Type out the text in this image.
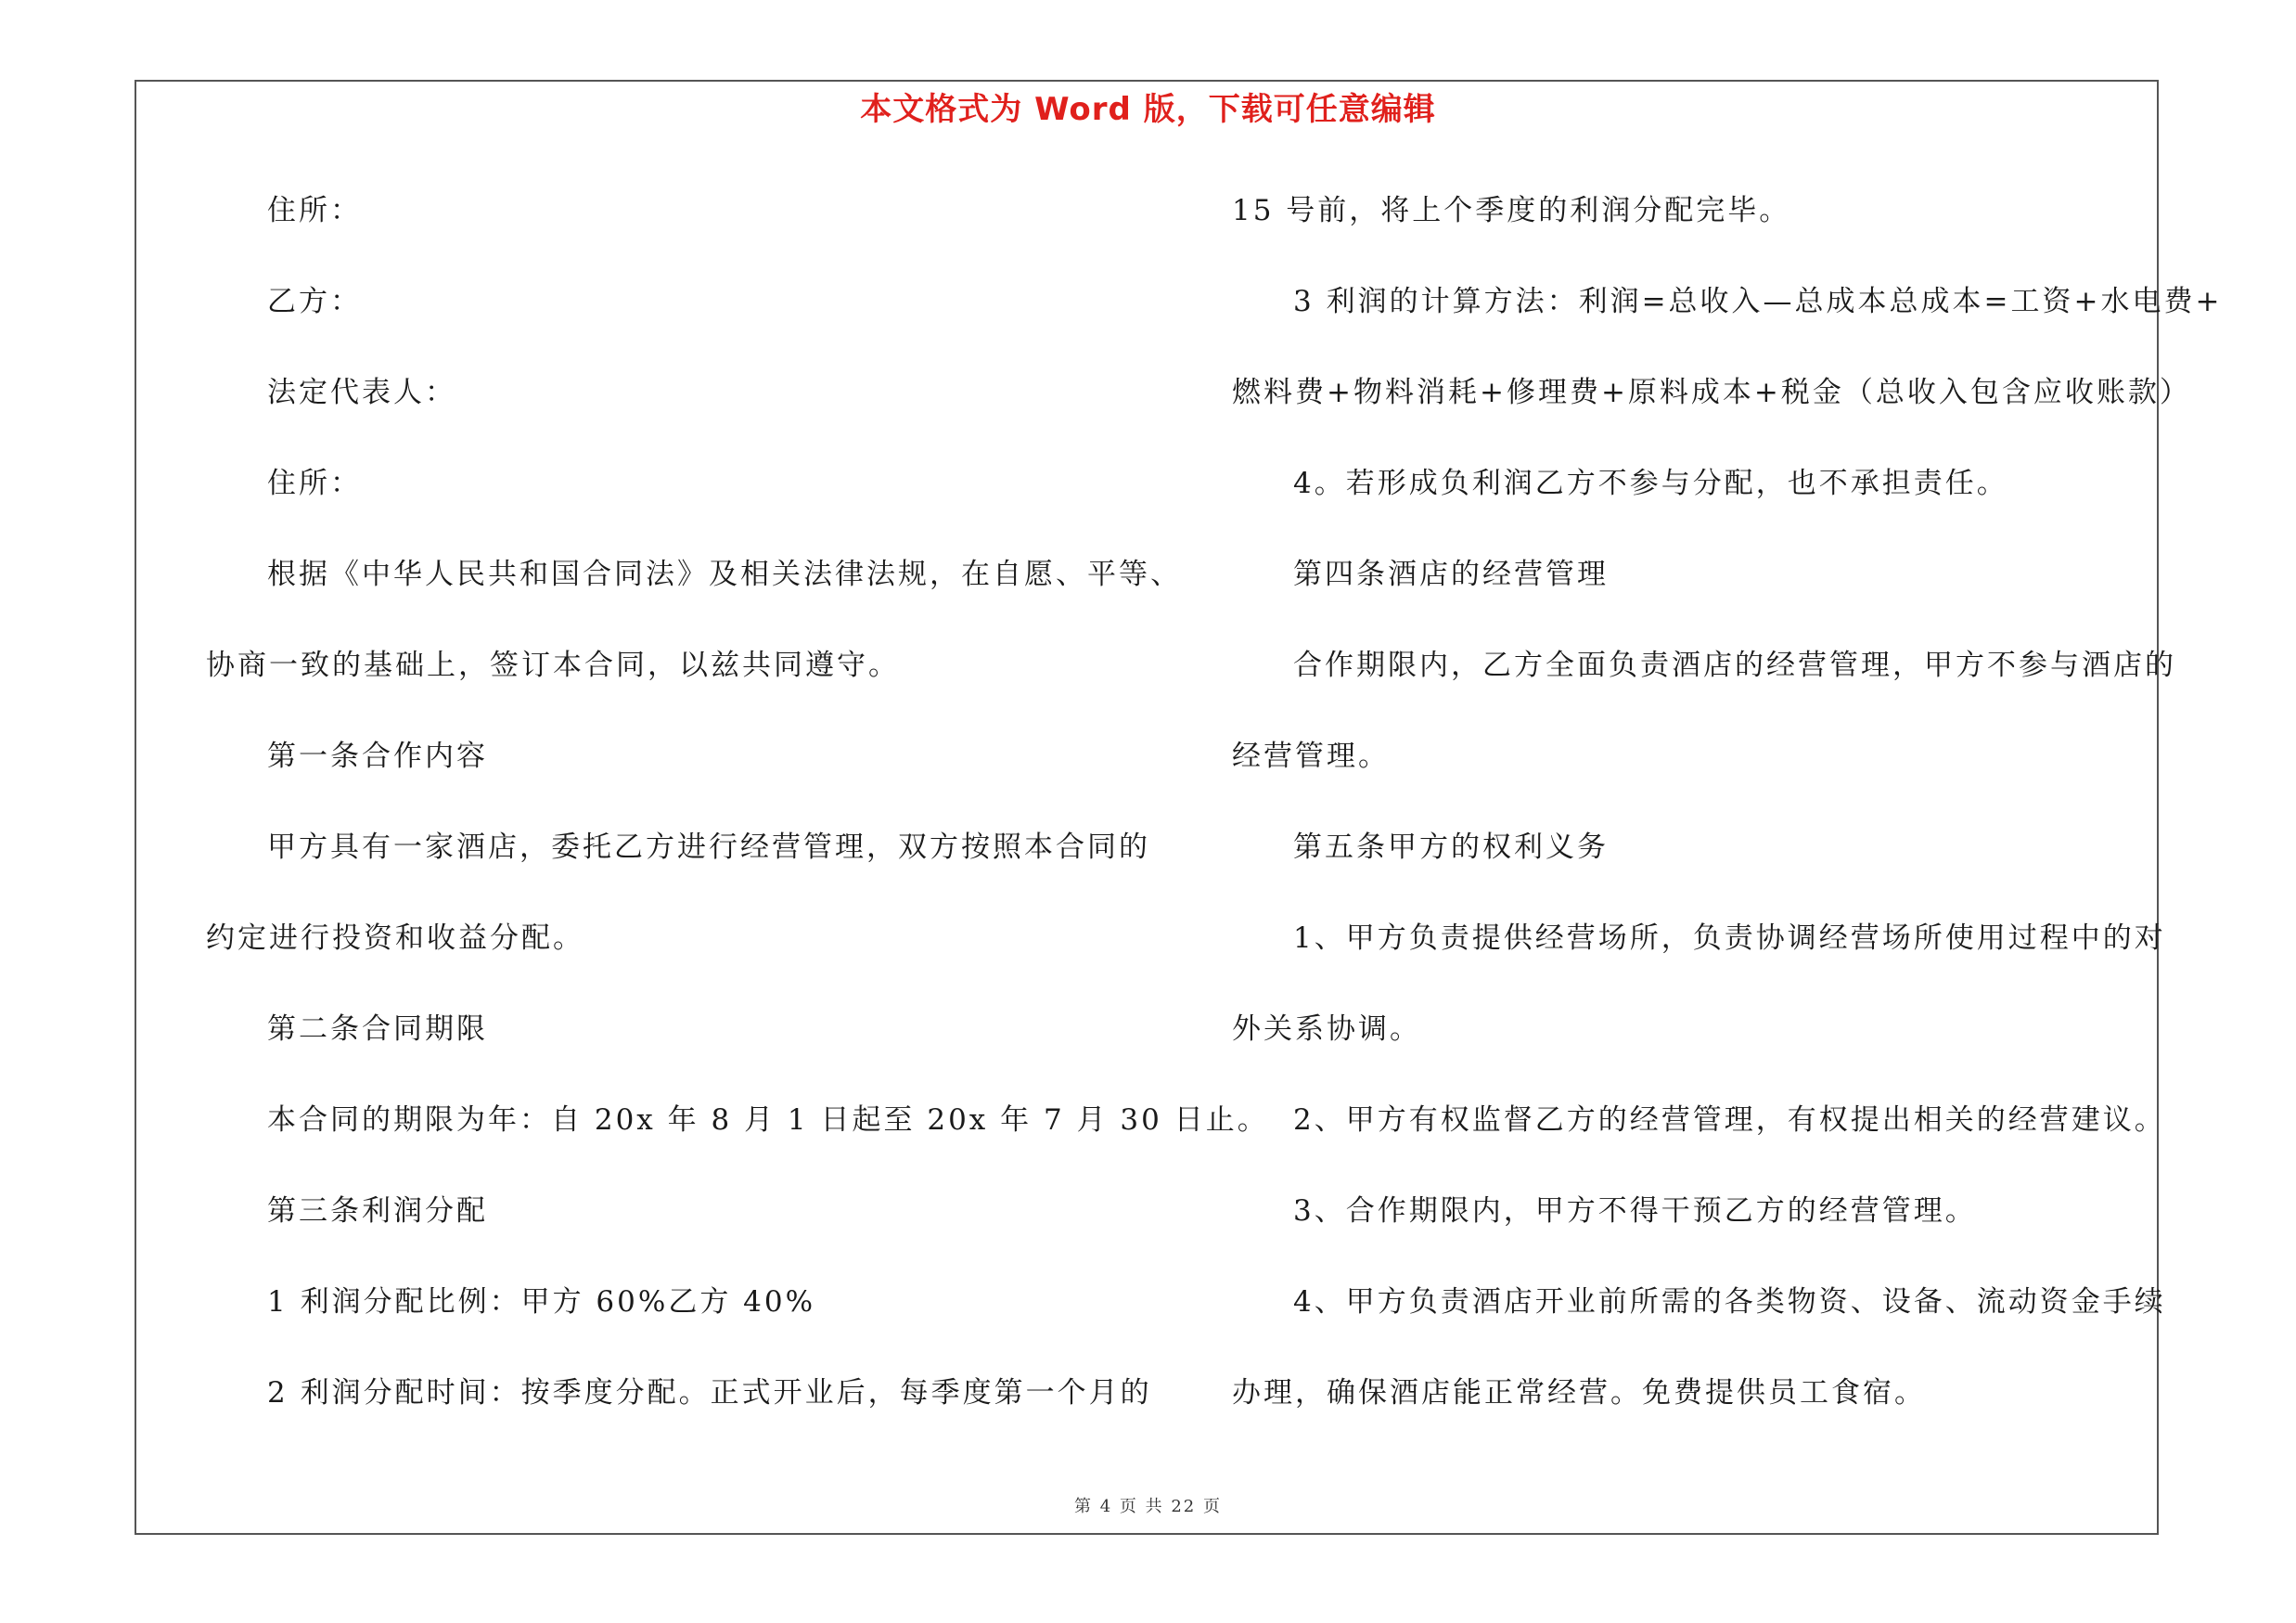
本文格式为 Word 版，下载可任意编辑
住所：
乙方：
法定代表人：
住所：
根据《中华人民共和国合同法》及相关法律法规，在自愿、平等、
协商一致的基础上，签订本合同，以兹共同遵守。
第一条合作内容
甲方具有一家酒店，委托乙方进行经营管理，双方按照本合同的
约定进行投资和收益分配。
第二条合同期限
本合同的期限为年：自 20x 年 8 月 1 日起至 20x 年 7 月 30 日止。
第三条利润分配
1 利润分配比例：甲方 60%乙方 40%
2 利润分配时间：按季度分配。正式开业后，每季度第一个月的
15 号前，将上个季度的利润分配完毕。
3 利润的计算方法：利润=总收入—总成本总成本=工资+水电费+
燃料费+物料消耗+修理费+原料成本+税金（总收入包含应收账款）
4。若形成负利润乙方不参与分配，也不承担责任。
第四条酒店的经营管理
合作期限内，乙方全面负责酒店的经营管理，甲方不参与酒店的
经营管理。
第五条甲方的权利义务
1、甲方负责提供经营场所，负责协调经营场所使用过程中的对
外关系协调。
2、甲方有权监督乙方的经营管理，有权提出相关的经营建议。
3、合作期限内，甲方不得干预乙方的经营管理。
4、甲方负责酒店开业前所需的各类物资、设备、流动资金手续
办理，确保酒店能正常经营。免费提供员工食宿。
第 4 页 共 22 页
